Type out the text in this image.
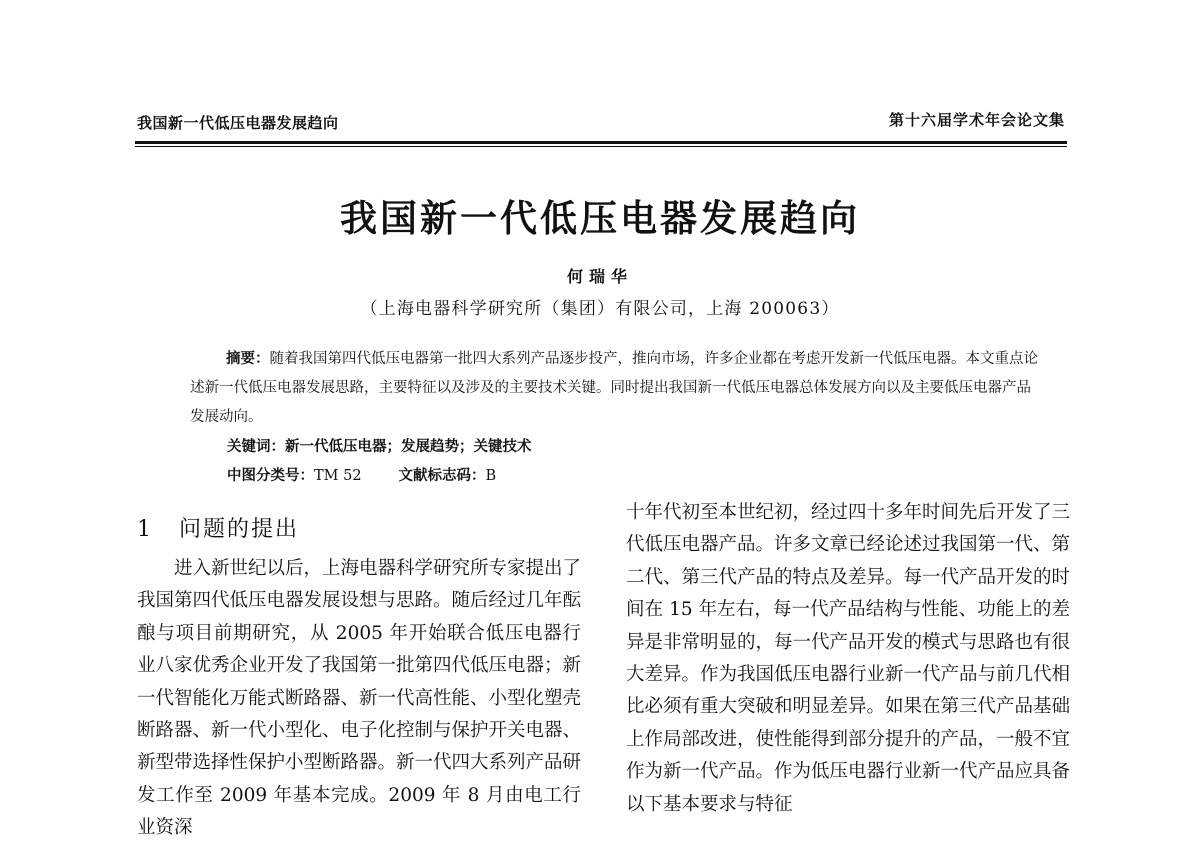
我国新一代低压电器发展趋向	第十六届学术年会论文集
我国新一代低压电器发展趋向
何瑞华
（上海电器科学研究所（集团）有限公司，上海 200063）

摘要：随着我国第四代低压电器第一批四大系列产品逐步投产，推向市场，许多企业都在考虑开发新一代低压电器。本文重点论述新一代低压电器发展思路，主要特征以及涉及的主要技术关键。同时提出我国新一代低压电器总体发展方向以及主要低压电器产品发展动向。

关键词：新一代低压电器；发展趋势；关键技术
中图分类号：TM 52	文献标志码：B
1 问题的提出

进入新世纪以后，上海电器科学研究所专家提出了我国第四代低压电器发展设想与思路。随后经过几年酝酿与项目前期研究，从 2005 年开始联合低压电器行业八家优秀企业开发了我国第一批第四代低压电器；新一代智能化万能式断路器、新一代高性能、小型化塑壳断路器、新一代小型化、电子化控制与保护开关电器、新型带选择性保护小型断路器。新一代四大系列产品研发工作至 2009 年基本完成。2009 年 8 月由电工行业资深

十年代初至本世纪初，经过四十多年时间先后开发了三代低压电器产品。许多文章已经论述过我国第一代、第二代、第三代产品的特点及差异。每一代产品开发的时间在 15 年左右，每一代产品结构与性能、功能上的差异是非常明显的，每一代产品开发的模式与思路也有很大差异。作为我国低压电器行业新一代产品与前几代相比必须有重大突破和明显差异。如果在第三代产品基础上作局部改进，使性能得到部分提升的产品，一般不宜作为新一代产品。作为低压电器行业新一代产品应具备以下基本要求与特征
